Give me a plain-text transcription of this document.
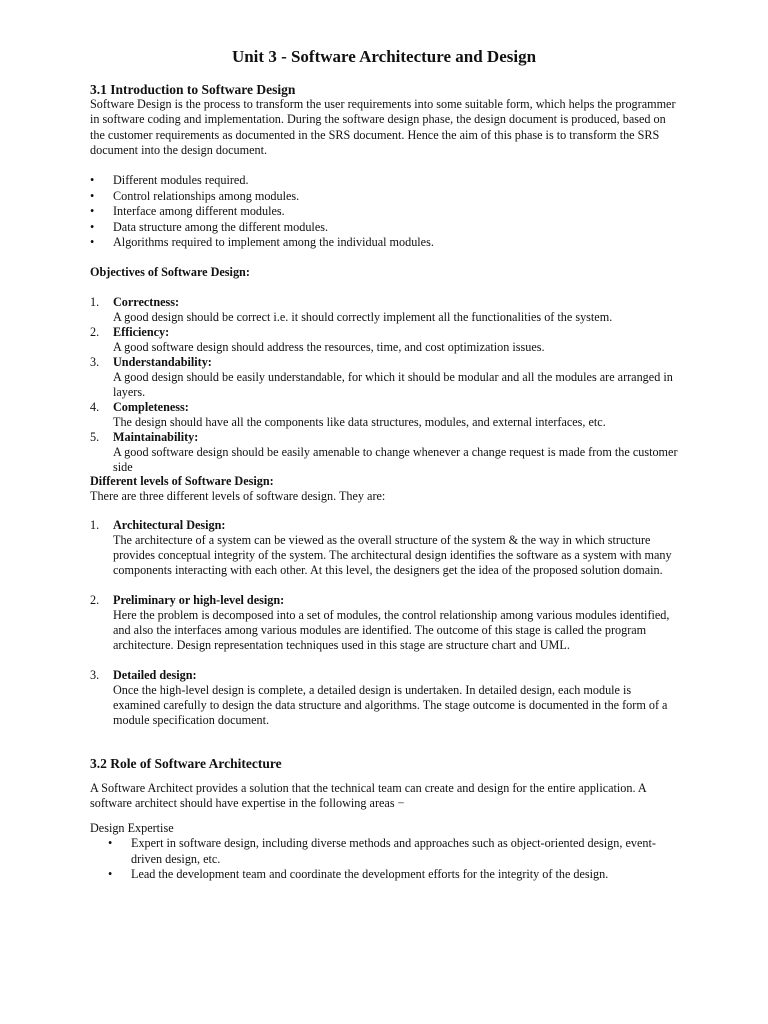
Unit 3 - Software Architecture and Design
3.1 Introduction to Software Design

Software Design is the process to transform the user requirements into some suitable form, which helps the programmer in software coding and implementation. During the software design phase, the design document is produced, based on the customer requirements as documented in the SRS document. Hence the aim of this phase is to transform the SRS document into the design document.

• Different modules required.
• Control relationships among modules.
• Interface among different modules.
• Data structure among the different modules.
• Algorithms required to implement among the individual modules.

Objectives of Software Design:

1. Correctness:
A good design should be correct i.e. it should correctly implement all the functionalities of the system.
2. Efficiency:
A good software design should address the resources, time, and cost optimization issues.
3. Understandability:
A good design should be easily understandable, for which it should be modular and all the modules are arranged in layers.
4. Completeness:
The design should have all the components like data structures, modules, and external interfaces, etc.
5. Maintainability:
A good software design should be easily amenable to change whenever a change request is made from the customer side

Different levels of Software Design:

There are three different levels of software design. They are:

1. Architectural Design:
The architecture of a system can be viewed as the overall structure of the system & the way in which structure provides conceptual integrity of the system. The architectural design identifies the software as a system with many components interacting with each other. At this level, the designers get the idea of the proposed solution domain.
2. Preliminary or high-level design:
Here the problem is decomposed into a set of modules, the control relationship among various modules identified, and also the interfaces among various modules are identified. The outcome of this stage is called the program architecture. Design representation techniques used in this stage are structure chart and UML.
3. Detailed design:
Once the high-level design is complete, a detailed design is undertaken. In detailed design, each module is examined carefully to design the data structure and algorithms. The stage outcome is documented in the form of a module specification document.
3.2 Role of Software Architecture

A Software Architect provides a solution that the technical team can create and design for the entire application. A software architect should have expertise in the following areas −

Design Expertise

• Expert in software design, including diverse methods and approaches such as object-oriented design, event-driven design, etc.
• Lead the development team and coordinate the development efforts for the integrity of the design.
